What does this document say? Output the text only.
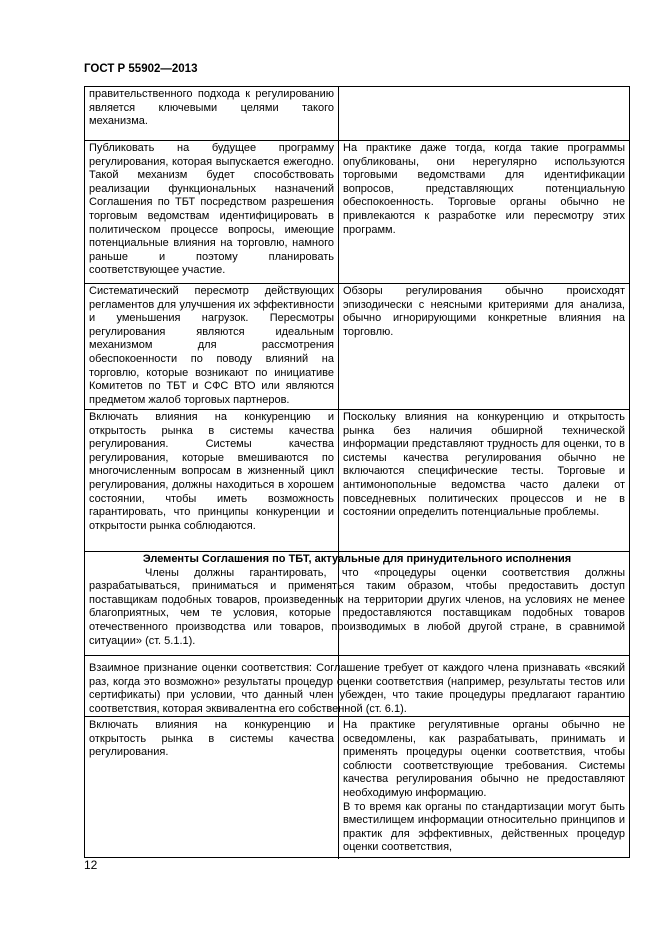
ГОСТ Р 55902—2013
правительственного подхода к регулированию является ключевыми целями такого механизма.
Публиковать на будущее программу регулирования, которая выпускается ежегодно. Такой механизм будет способствовать реализации функциональных назначений Соглашения по ТБТ посредством разрешения торговым ведомствам идентифицировать в политическом процессе вопросы, имеющие потенциальные влияния на торговлю, намного раньше и поэтому планировать соответствующее участие.
На практике даже тогда, когда такие программы опубликованы, они нерегулярно используются торговыми ведомствами для идентификации вопросов, представляющих потенциальную обеспокоенность. Торговые органы обычно не привлекаются к разработке или пересмотру этих программ.
Систематический пересмотр действующих регламентов для улучшения их эффективности и уменьшения нагрузок. Пересмотры регулирования являются идеальным механизмом для рассмотрения обеспокоенности по поводу влияний на торговлю, которые возникают по инициативе Комитетов по ТБТ и СФС ВТО или являются предметом жалоб торговых партнеров.
Обзоры регулирования обычно происходят эпизодически с неясными критериями для анализа, обычно игнорирующими конкретные влияния на торговлю.
Включать влияния на конкуренцию и открытость рынка в системы качества регулирования. Системы качества регулирования, которые вмешиваются по многочисленным вопросам в жизненный цикл регулирования, должны находиться в хорошем состоянии, чтобы иметь возможность гарантировать, что принципы конкуренции и открытости рынка соблюдаются.
Поскольку влияния на конкуренцию и открытость рынка без наличия обширной технической информации представляют трудность для оценки, то в системы качества регулирования обычно не включаются специфические тесты. Торговые и антимонопольные ведомства часто далеки от повседневных политических процессов и не в состоянии определить потенциальные проблемы.

Элементы Соглашения по ТБТ, актуальные для принудительного исполнения

Члены должны гарантировать, что «процедуры оценки соответствия должны разрабатываться, приниматься и применяться таким образом, чтобы предоставить доступ поставщикам подобных товаров, произведенных на территории других членов, на условиях не менее благоприятных, чем те условия, которые предоставляются поставщикам подобных товаров отечественного производства или товаров, производимых в любой другой стране, в сравнимой ситуации» (ст. 5.1.1).

Взаимное признание оценки соответствия: Соглашение требует от каждого члена признавать «всякий раз, когда это возможно» результаты процедур оценки соответствия (например, результаты тестов или сертификаты) при условии, что данный член убежден, что такие процедуры предлагают гарантию соответствия, которая эквивалентна его собственной (ст. 6.1).
Включать влияния на конкуренцию и открытость рынка в системы качества регулирования.

На практике регулятивные органы обычно не осведомлены, как разрабатывать, принимать и применять процедуры оценки соответствия, чтобы соблюсти соответствующие требования. Системы качества регулирования обычно не предоставляют необходимую информацию.

В то время как органы по стандартизации могут быть вместилищем информации относительно принципов и практик для эффективных, действенных процедур оценки соответствия,

12
